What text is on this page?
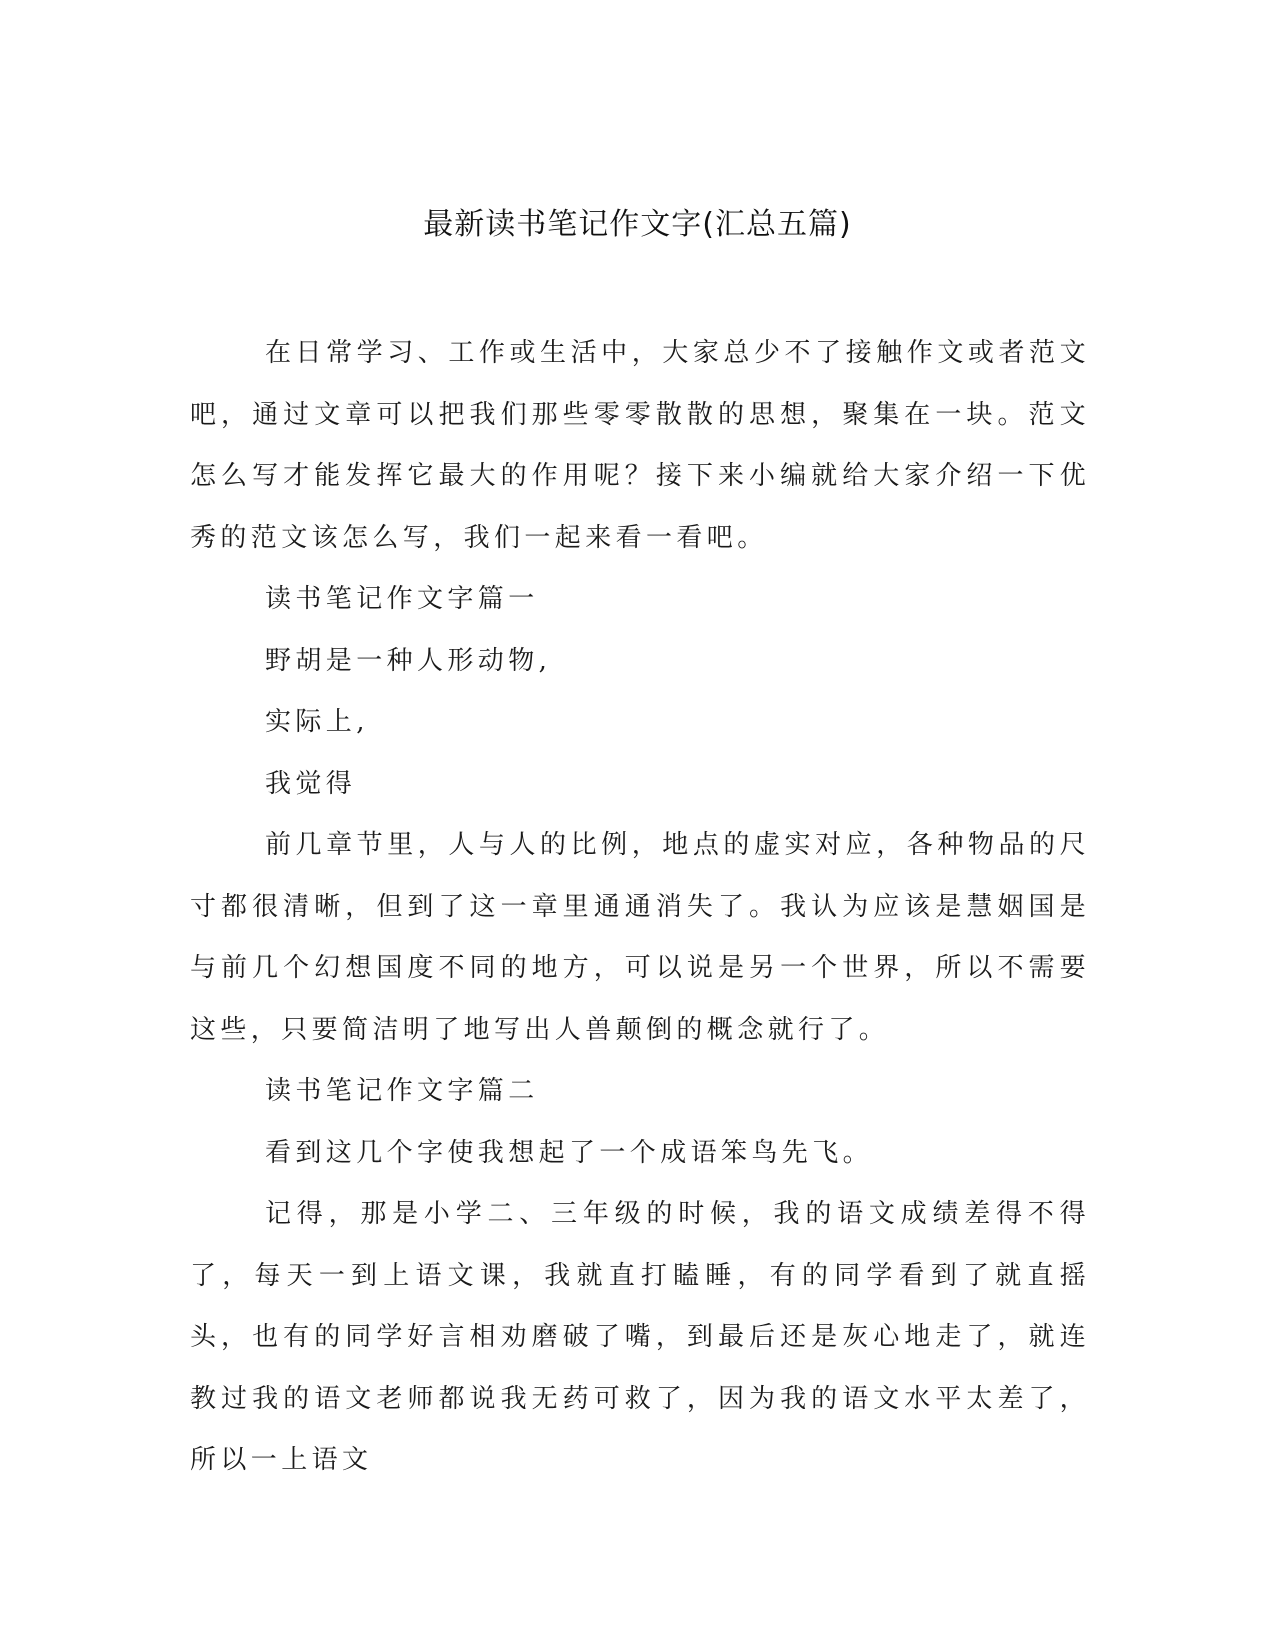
最新读书笔记作文字(汇总五篇)

在日常学习、工作或生活中，大家总少不了接触作文或者范文吧，通过文章可以把我们那些零零散散的思想，聚集在一块。范文怎么写才能发挥它最大的作用呢？接下来小编就给大家介绍一下优秀的范文该怎么写，我们一起来看一看吧。

读书笔记作文字篇一

野胡是一种人形动物,

实际上,

我觉得

前几章节里，人与人的比例，地点的虚实对应，各种物品的尺寸都很清晰，但到了这一章里通通消失了。我认为应该是慧姻国是与前几个幻想国度不同的地方，可以说是另一个世界，所以不需要这些，只要简洁明了地写出人兽颠倒的概念就行了。

读书笔记作文字篇二

看到这几个字使我想起了一个成语笨鸟先飞。

记得，那是小学二、三年级的时候，我的语文成绩差得不得了，每天一到上语文课，我就直打瞌睡，有的同学看到了就直摇头，也有的同学好言相劝磨破了嘴，到最后还是灰心地走了，就连教过我的语文老师都说我无药可救了，因为我的语文水平太差了，所以一上语文
